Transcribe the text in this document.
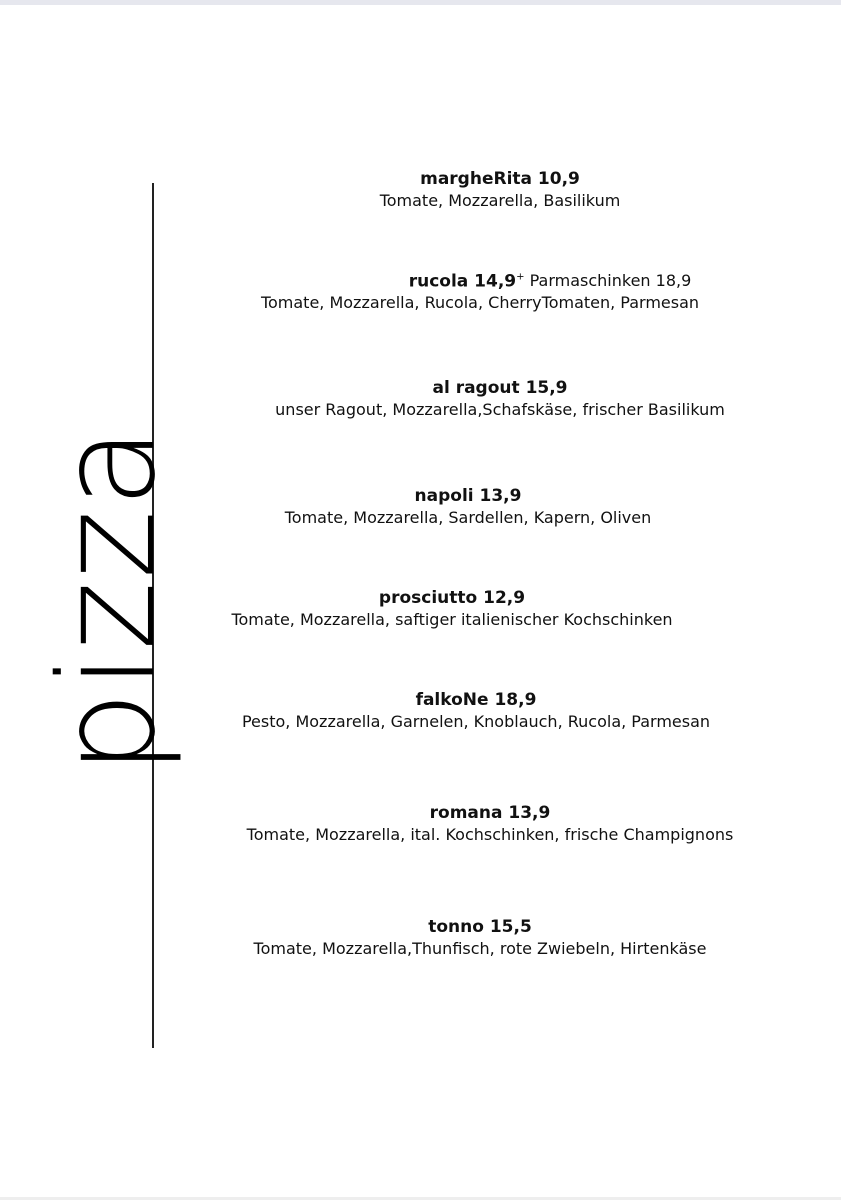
pizza
margheRita 10,9
Tomate, Mozzarella, Basilikum
rucola 14,9+ Parmaschinken 18,9
Tomate, Mozzarella, Rucola, CherryTomaten, Parmesan
al ragout 15,9
unser Ragout, Mozzarella,Schafskäse, frischer Basilikum
napoli 13,9
Tomate, Mozzarella, Sardellen, Kapern, Oliven
prosciutto 12,9
Tomate, Mozzarella, saftiger italienischer Kochschinken
falkoNe 18,9
Pesto, Mozzarella, Garnelen, Knoblauch, Rucola, Parmesan
romana 13,9
Tomate, Mozzarella, ital. Kochschinken, frische Champignons
tonno 15,5
Tomate, Mozzarella,Thunfisch, rote Zwiebeln, Hirtenkäse
